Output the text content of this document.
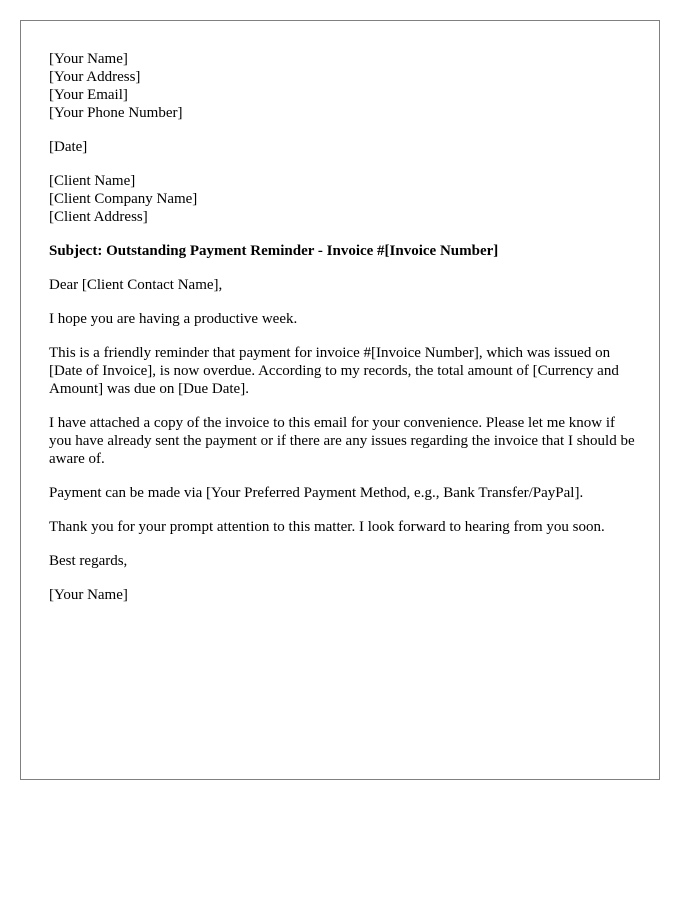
[Your Name]
[Your Address]
[Your Email]
[Your Phone Number]
[Date]
[Client Name]
[Client Company Name]
[Client Address]

Subject: Outstanding Payment Reminder - Invoice #[Invoice Number]

Dear [Client Contact Name],

I hope you are having a productive week.

This is a friendly reminder that payment for invoice #[Invoice Number], which was issued on [Date of Invoice], is now overdue. According to my records, the total amount of [Currency and Amount] was due on [Due Date].

I have attached a copy of the invoice to this email for your convenience. Please let me know if you have already sent the payment or if there are any issues regarding the invoice that I should be aware of.

Payment can be made via [Your Preferred Payment Method, e.g., Bank Transfer/PayPal].

Thank you for your prompt attention to this matter. I look forward to hearing from you soon.

Best regards,

[Your Name]
